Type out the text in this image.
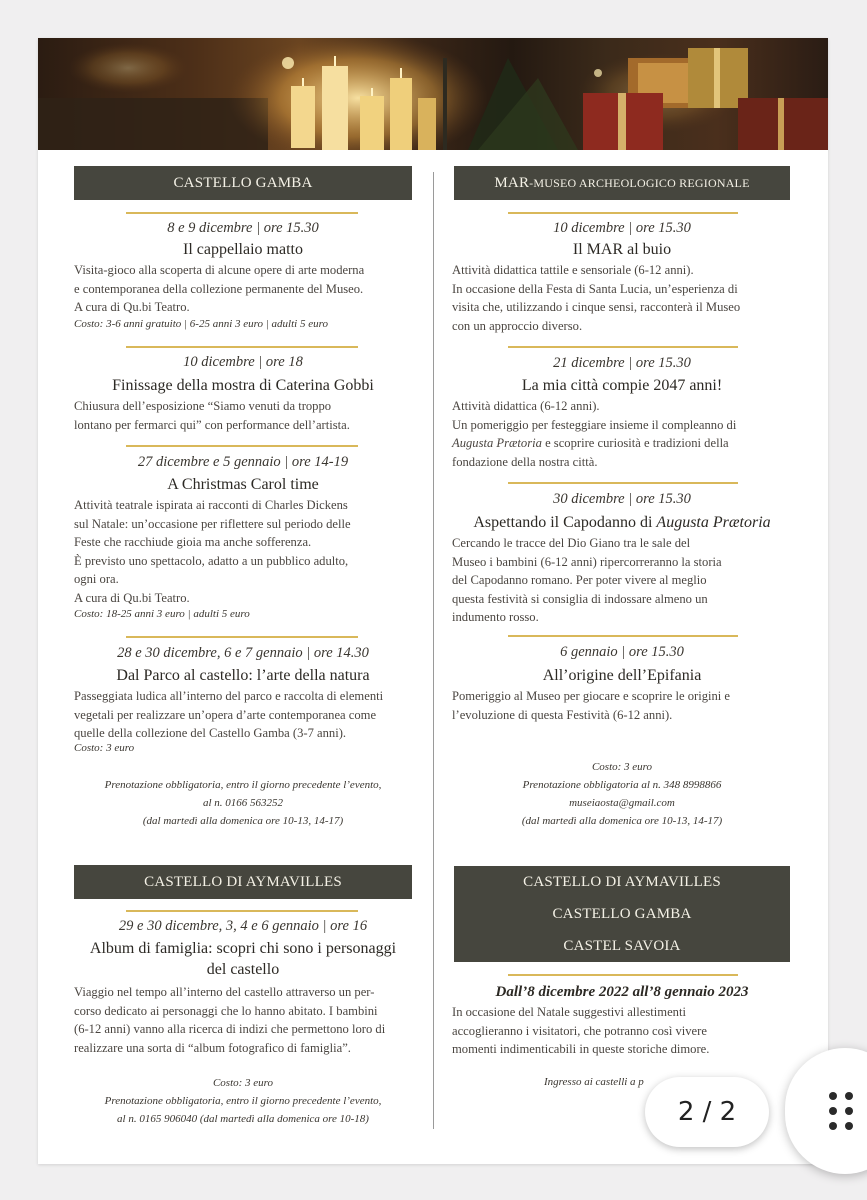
CASTELLO GAMBA
8 e 9 dicembre | ore 15.30
Il cappellaio matto
Visita-gioco alla scoperta di alcune opere di arte moderna
e contemporanea della collezione permanente del Museo.
A cura di Qu.bi Teatro.
Costo: 3-6 anni gratuito | 6-25 anni 3 euro | adulti 5 euro
10 dicembre | ore 18
Finissage della mostra di Caterina Gobbi
Chiusura dell’esposizione “Siamo venuti da troppo
lontano per fermarci qui” con performance dell’artista.
27 dicembre e 5 gennaio | ore 14-19
A Christmas Carol time
Attività teatrale ispirata ai racconti di Charles Dickens
sul Natale: un’occasione per riflettere sul periodo delle
Feste che racchiude gioia ma anche sofferenza.
È previsto uno spettacolo, adatto a un pubblico adulto,
ogni ora.
A cura di Qu.bi Teatro.
Costo: 18-25 anni 3 euro | adulti 5 euro
28 e 30 dicembre, 6 e 7 gennaio | ore 14.30
Dal Parco al castello: l’arte della natura
Passeggiata ludica all’interno del parco e raccolta di elementi
vegetali per realizzare un’opera d’arte contemporanea come
quelle della collezione del Castello Gamba (3-7 anni).
Costo: 3 euro
Prenotazione obbligatoria, entro il giorno precedente l’evento,
al n. 0166 563252
(dal martedì alla domenica ore 10-13, 14-17)
CASTELLO DI AYMAVILLES
29 e 30 dicembre, 3, 4 e 6 gennaio | ore 16
Album di famiglia: scopri chi sono i personaggi
del castello
Viaggio nel tempo all’interno del castello attraverso un per-
corso dedicato ai personaggi che lo hanno abitato. I bambini
(6-12 anni) vanno alla ricerca di indizi che permettono loro di
realizzare una sorta di “album fotografico di famiglia”.
Costo: 3 euro
Prenotazione obbligatoria, entro il giorno precedente l’evento,
al n. 0165 906040 (dal martedì alla domenica ore 10-18)
MAR-MUSEO ARCHEOLOGICO REGIONALE
10 dicembre | ore 15.30
Il MAR al buio
Attività didattica tattile e sensoriale (6-12 anni).
In occasione della Festa di Santa Lucia, un’esperienza di
visita che, utilizzando i cinque sensi, racconterà il Museo
con un approccio diverso.
21 dicembre | ore 15.30
La mia città compie 2047 anni!
Attività didattica (6-12 anni).
Un pomeriggio per festeggiare insieme il compleanno di
Augusta Prætoria e scoprire curiosità e tradizioni della
fondazione della nostra città.
30 dicembre | ore 15.30
Aspettando il Capodanno di Augusta Prætoria
Cercando le tracce del Dio Giano tra le sale del
Museo i bambini (6-12 anni) ripercorreranno la storia
del Capodanno romano. Per poter vivere al meglio
questa festività si consiglia di indossare almeno un
indumento rosso.
6 gennaio | ore 15.30
All’origine dell’Epifania
Pomeriggio al Museo per giocare e scoprire le origini e
l’evoluzione di questa Festività (6-12 anni).
Costo: 3 euro
Prenotazione obbligatoria al n. 348 8998866
museiaosta@gmail.com
(dal martedì alla domenica ore 10-13, 14-17)
CASTELLO DI AYMAVILLES
CASTELLO GAMBA
CASTEL SAVOIA
Dall’8 dicembre 2022 all’8 gennaio 2023
In occasione del Natale suggestivi allestimenti
accoglieranno i visitatori, che potranno così vivere
momenti indimenticabili in queste storiche dimore.
Ingresso ai castelli a p
2 / 2
